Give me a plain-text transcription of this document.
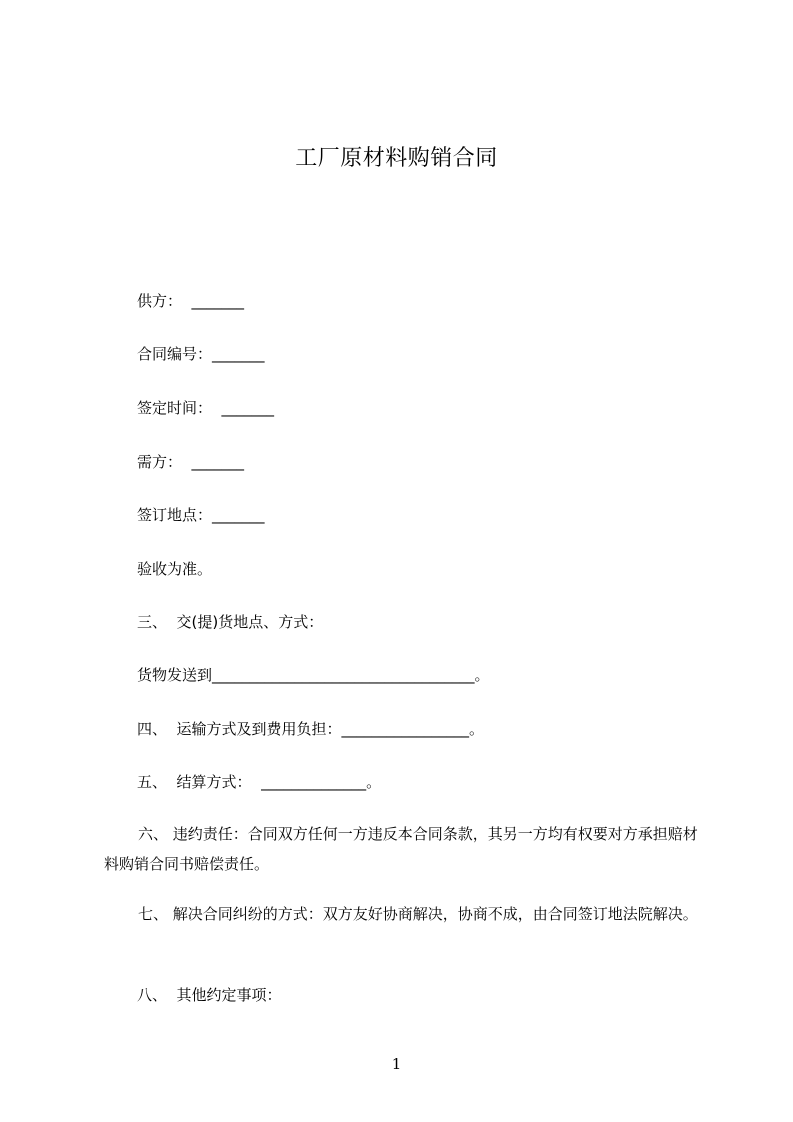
工厂原材料购销合同
供方：  _______
合同编号：_______
签定时间：  _______
需方：  _______
签订地点：_______
验收为准。
三、  交(提)货地点、方式：
货物发送到___________________________________。
四、  运输方式及到费用负担：_________________。
五、  结算方式：  ______________。
六、 违约责任：合同双方任何一方违反本合同条款，其另一方均有权要对方承担赔材料购销合同书赔偿责任。
七、 解决合同纠纷的方式：双方友好协商解决，协商不成，由合同签订地法院解决。
八、  其他约定事项：
1
